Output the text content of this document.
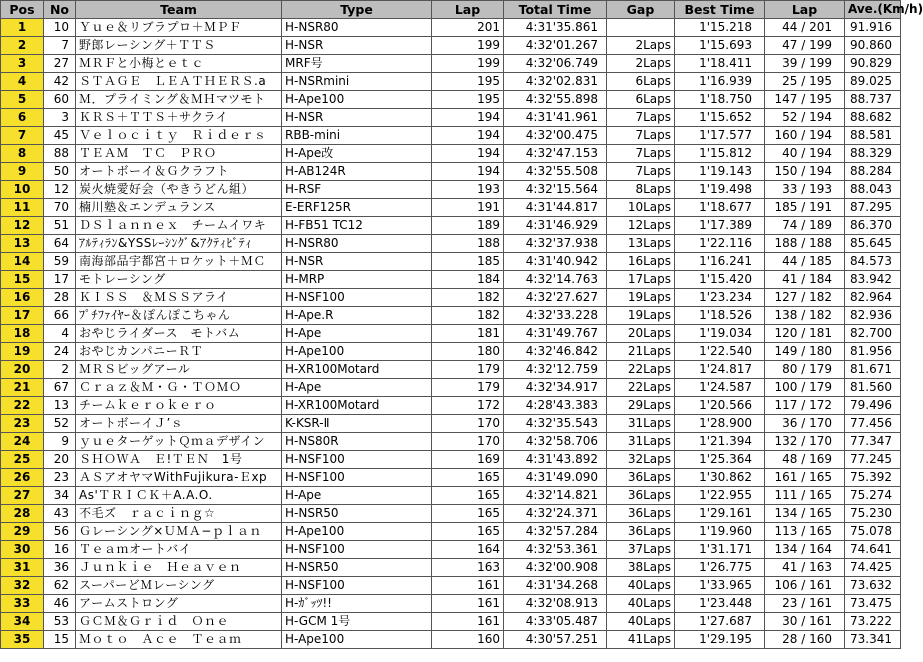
Pos	No	Team	Type	Lap	Total Time	Gap	Best Time	Lap	Ave.(Km/h)
1	10	Ｙｕｅ＆リブラプロ＋ＭＰＦ	H-NSR80	201	4:31'35.861		1'15.218	44 / 201	91.916
2	7	野郎レーシング＋ＴＴＳ	H-NSR	199	4:32'01.267	2Laps	1'15.693	47 / 199	90.860
3	27	ＭＲＦと小梅とｅｔｃ	MRF号	199	4:32'06.749	2Laps	1'18.411	39 / 199	90.829
4	42	ＳＴＡＧＥ　ＬＥＡＴＨＥＲＳ.a	H-NSRmini	195	4:32'02.831	6Laps	1'16.939	25 / 195	89.025
5	60	Ｍ．プライミング＆ＭＨマツモト	H-Ape100	195	4:32'55.898	6Laps	1'18.750	147 / 195	88.737
6	3	ＫＲＳ＋ＴＴＳ＋サクライ	H-NSR	194	4:31'41.961	7Laps	1'15.652	52 / 194	88.682
7	45	Ｖｅｌｏｃｉｔｙ　Ｒｉｄｅｒｓ	RBB-mini	194	4:32'00.475	7Laps	1'17.577	160 / 194	88.581
8	88	ＴＥＡＭ　ＴＣ　ＰＲＯ	H-Ape改	194	4:32'47.153	7Laps	1'15.812	40 / 194	88.329
9	50	オートボーイ＆Ｇクラフト	H-AB124R	194	4:32'55.508	7Laps	1'19.143	150 / 194	88.284
10	12	炭火焼愛好会（やきうどん組）	H-RSF	193	4:32'15.564	8Laps	1'19.498	33 / 193	88.043
11	70	楠川塾＆エンデュランス	E-ERF125R	191	4:31'44.817	10Laps	1'18.677	185 / 191	87.295
12	51	ＤＳｌａｎｎｅｘ　チームイワキ	H-FB51 TC12	189	4:31'46.929	12Laps	1'17.389	74 / 189	86.370
13	64	ｱﾙﾃｨﾗﾝ&YSSﾚｰｼﾝｸﾞ&ｱｸﾃｨﾋﾞﾃｨ	H-NSR80	188	4:32'37.938	13Laps	1'22.116	188 / 188	85.645
14	59	南海部品宇都宮＋ロケット＋ＭＣ	H-NSR	185	4:31'40.942	16Laps	1'16.241	44 / 185	84.573
15	17	モトレーシング	H-MRP	184	4:32'14.763	17Laps	1'15.420	41 / 184	83.942
16	28	ＫＩＳＳ　＆ＭＳＳアライ	H-NSF100	182	4:32'27.627	19Laps	1'23.234	127 / 182	82.964
17	66	ﾌﾟﾁﾌｧｲﾔｰ＆ぽんぽこちゃん	H-Ape.R	182	4:32'33.228	19Laps	1'18.526	138 / 182	82.936
18	4	おやじライダース　モトバム	H-Ape	181	4:31'49.767	20Laps	1'19.034	120 / 181	82.700
19	24	おやじカンパニーＲＴ	H-Ape100	180	4:32'46.842	21Laps	1'22.540	149 / 180	81.956
20	2	ＭＲＳビッグアール	H-XR100Motard	179	4:32'12.759	22Laps	1'24.817	80 / 179	81.671
21	67	Ｃｒａｚ＆Ｍ・Ｇ・ＴＯＭＯ	H-Ape	179	4:32'34.917	22Laps	1'24.587	100 / 179	81.560
22	13	チームｋｅｒｏｋｅｒｏ	H-XR100Motard	172	4:28'43.383	29Laps	1'20.566	117 / 172	79.496
23	52	オートボーイＪ’ｓ	K-KSR-Ⅱ	170	4:32'35.543	31Laps	1'28.900	36 / 170	77.456
24	9	ｙｕｅターゲットＱｍａデザイン	H-NS80R	170	4:32'58.706	31Laps	1'21.394	132 / 170	77.347
25	20	ＳＨＯＷＡ　Ｅ!ＴＥＮ　1号	H-NSF100	169	4:31'43.892	32Laps	1'25.364	48 / 169	77.245
26	23	ＡＳアオヤマWithFujikura-Ｅxp	H-NSF100	165	4:31'49.090	36Laps	1'30.862	161 / 165	75.392
27	34	As'ＴＲＩＣＫ＋A.A.O.	H-Ape	165	4:32'14.821	36Laps	1'22.955	111 / 165	75.274
28	43	不毛ズ　ｒａｃｉｎｇ☆	H-NSR50	165	4:32'24.371	36Laps	1'29.161	134 / 165	75.230
29	56	Ｇレーシング×ＵＭＡ−ｐｌａｎ	H-Ape100	165	4:32'57.284	36Laps	1'19.960	113 / 165	75.078
30	16	Ｔｅａｍオートバイ	H-NSF100	164	4:32'53.361	37Laps	1'31.171	134 / 164	74.641
31	36	Ｊｕｎｋｉｅ　Ｈｅａｖｅｎ	H-NSR50	163	4:32'00.908	38Laps	1'26.775	41 / 163	74.425
32	62	スーパーどＭレーシング	H-NSF100	161	4:31'34.268	40Laps	1'33.965	106 / 161	73.632
33	46	アームストロング	H-ｶﾞｯﾂ!!	161	4:32'08.913	40Laps	1'23.448	23 / 161	73.475
34	53	ＧＣＭ＆Ｇｒｉｄ　Ｏｎｅ	H-GCM 1号	161	4:33'05.487	40Laps	1'27.687	30 / 161	73.222
35	15	Ｍｏｔｏ　Ａｃｅ　Ｔｅａｍ	H-Ape100	160	4:30'57.251	41Laps	1'29.195	28 / 160	73.341
